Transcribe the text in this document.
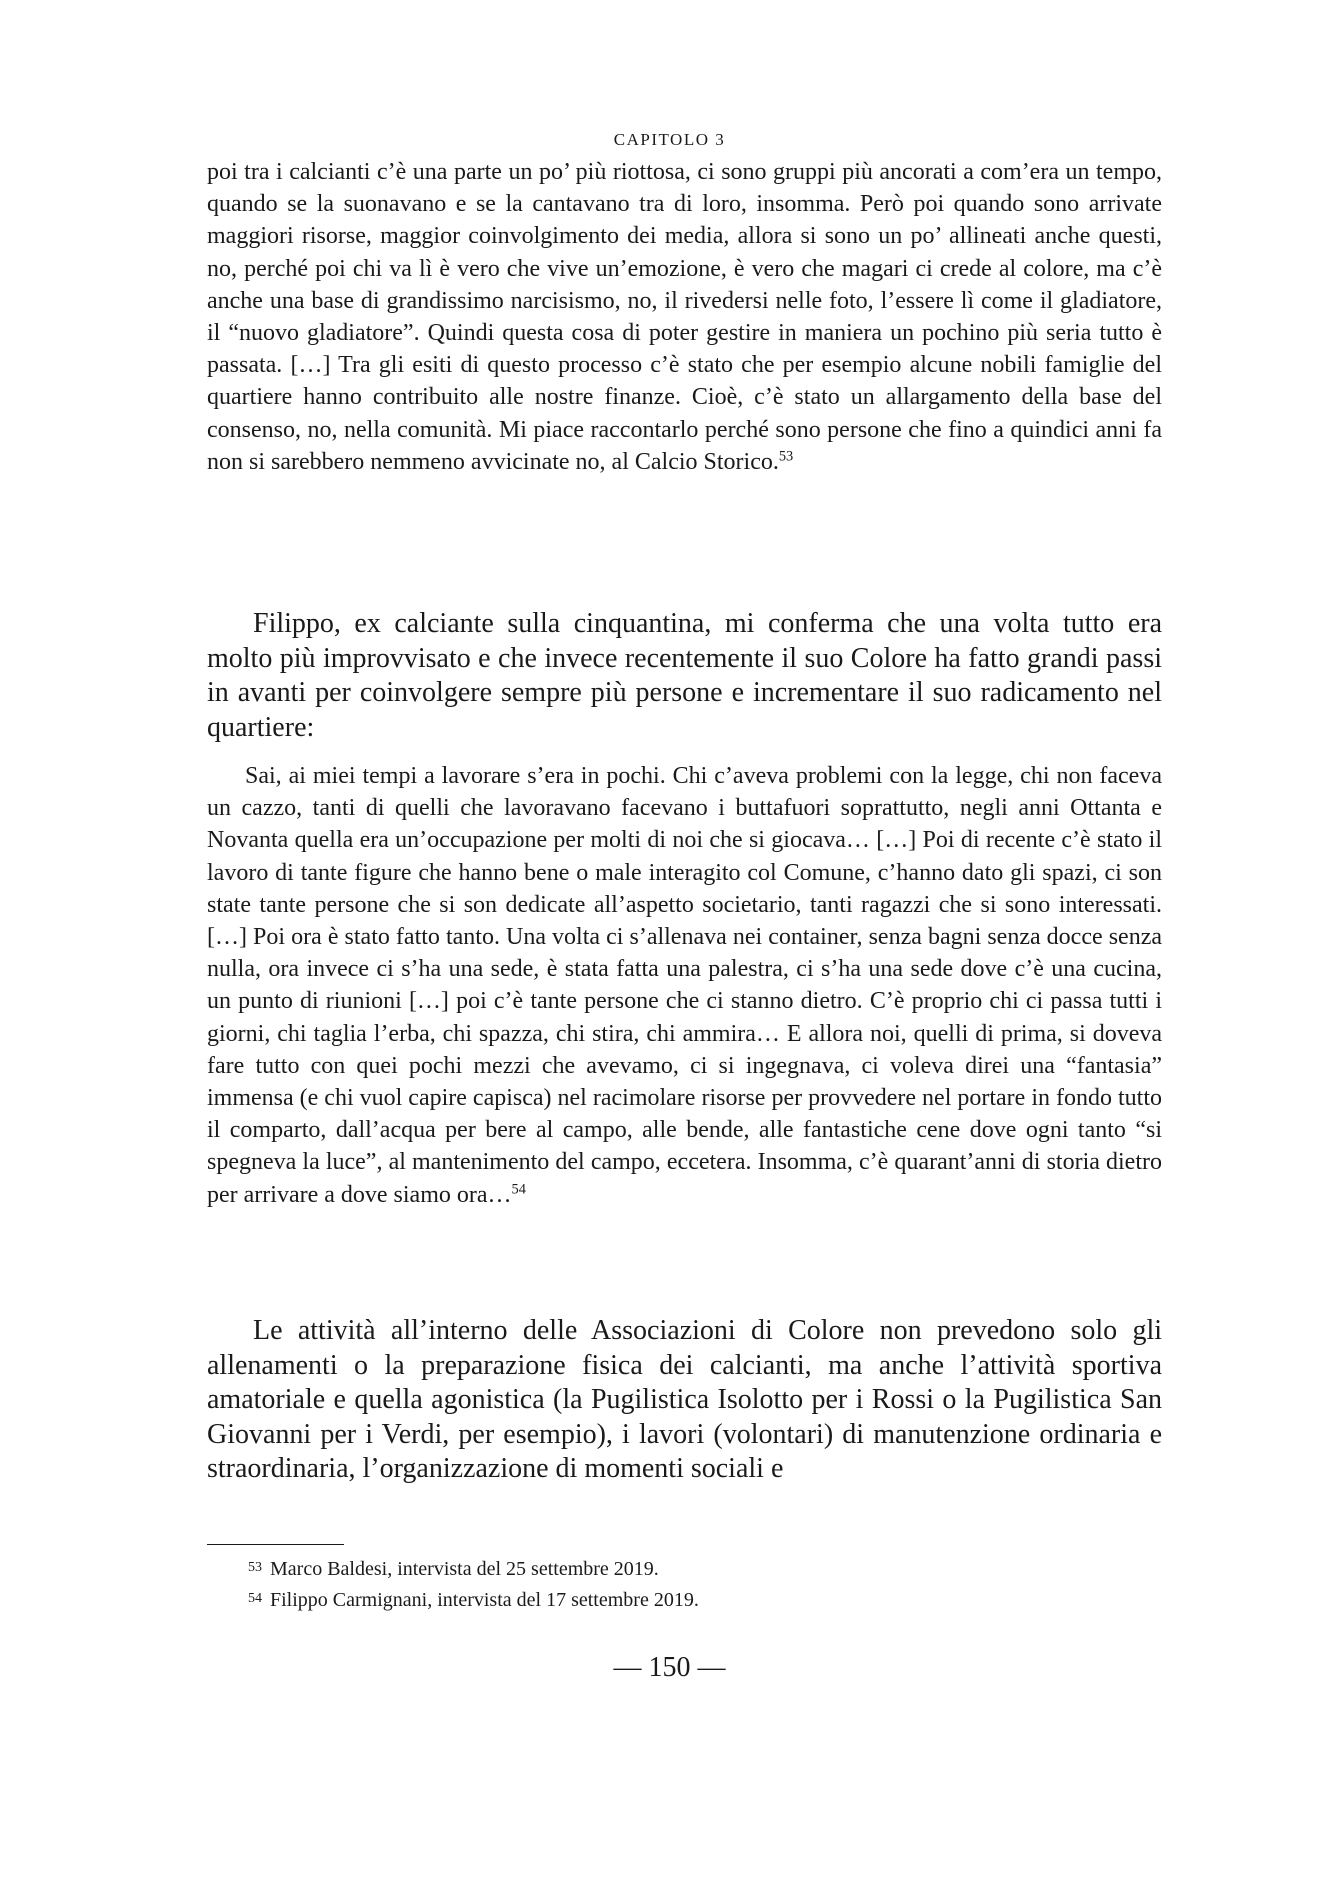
CAPITOLO 3

poi tra i calcianti c’è una parte un po’ più riottosa, ci sono gruppi più ancorati a com’era un tempo, quando se la suonavano e se la cantavano tra di loro, insomma. Però poi quando sono arrivate maggiori risorse, maggior coinvolgimento dei media, allora si sono un po’ allineati anche questi, no, perché poi chi va lì è vero che vive un’emozione, è vero che magari ci crede al colore, ma c’è anche una base di grandissimo narcisismo, no, il rivedersi nelle foto, l’essere lì come il gladiatore, il “nuovo gladiatore”. Quindi questa cosa di poter gestire in maniera un pochino più seria tutto è passata. […] Tra gli esiti di questo processo c’è stato che per esempio alcune nobili famiglie del quartiere hanno contribuito alle nostre finanze. Cioè, c’è stato un allargamento della base del consenso, no, nella comunità. Mi piace raccontarlo perché sono persone che fino a quindici anni fa non si sarebbero nemmeno avvicinate no, al Calcio Storico.$^{53}$

Filippo, ex calciante sulla cinquantina, mi conferma che una volta tutto era molto più improvvisato e che invece recentemente il suo Colore ha fatto grandi passi in avanti per coinvolgere sempre più persone e incrementare il suo radicamento nel quartiere:

Sai, ai miei tempi a lavorare s’era in pochi. Chi c’aveva problemi con la legge, chi non faceva un cazzo, tanti di quelli che lavoravano facevano i buttafuori soprattutto, negli anni Ottanta e Novanta quella era un’occupazione per molti di noi che si giocava… […] Poi di recente c’è stato il lavoro di tante figure che hanno bene o male interagito col Comune, c’hanno dato gli spazi, ci son state tante persone che si son dedicate all’aspetto societario, tanti ragazzi che si sono interessati. […] Poi ora è stato fatto tanto. Una volta ci s’allenava nei container, senza bagni senza docce senza nulla, ora invece ci s’ha una sede, è stata fatta una palestra, ci s’ha una sede dove c’è una cucina, un punto di riunioni […] poi c’è tante persone che ci stanno dietro. C’è proprio chi ci passa tutti i giorni, chi taglia l’erba, chi spazza, chi stira, chi ammira… E allora noi, quelli di prima, si doveva fare tutto con quei pochi mezzi che avevamo, ci si ingegnava, ci voleva direi una “fantasia” immensa (e chi vuol capire capisca) nel racimolare risorse per provvedere nel portare in fondo tutto il comparto, dall’acqua per bere al campo, alle bende, alle fantastiche cene dove ogni tanto “si spegneva la luce”, al mantenimento del campo, eccetera. Insomma, c’è quarant’anni di storia dietro per arrivare a dove siamo ora…$^{54}$

Le attività all’interno delle Associazioni di Colore non prevedono solo gli allenamenti o la preparazione fisica dei calcianti, ma anche l’attività sportiva amatoriale e quella agonistica (la Pugilistica Isolotto per i Rossi o la Pugilistica San Giovanni per i Verdi, per esempio), i lavori (volontari) di manutenzione ordinaria e straordinaria, l’organizzazione di momenti sociali e

$^{53}$ Marco Baldesi, intervista del 25 settembre 2019.
$^{54}$ Filippo Carmignani, intervista del 17 settembre 2019.
— 150 —
